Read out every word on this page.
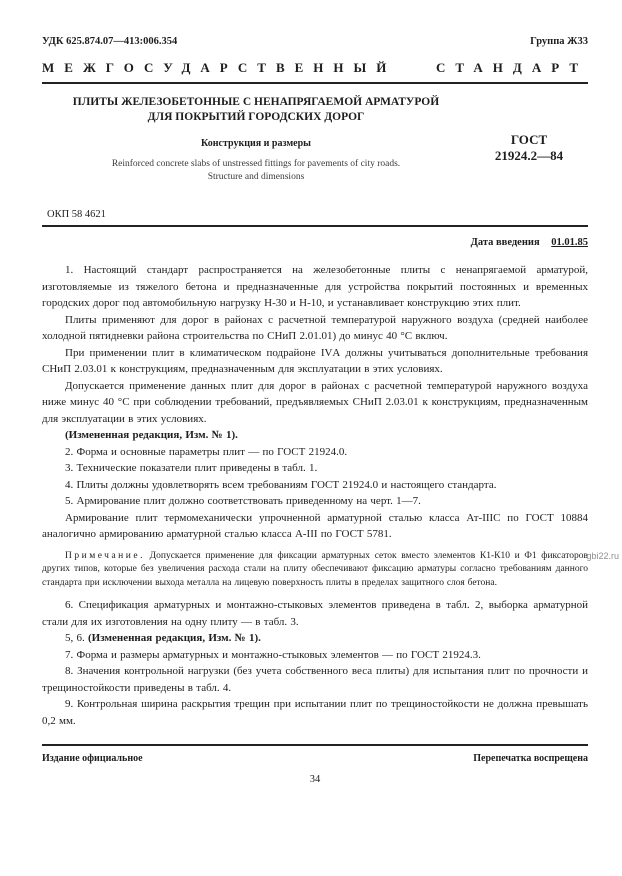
УДК 625.874.07—413:006.354	Группа Ж33
МЕЖГОСУДАРСТВЕННЫЙ СТАНДАРТ
ПЛИТЫ ЖЕЛЕЗОБЕТОННЫЕ С НЕНАПРЯГАЕМОЙ АРМАТУРОЙ
ДЛЯ ПОКРЫТИЙ ГОРОДСКИХ ДОРОГ
Конструкция и размеры
Reinforced concrete slabs of unstressed fittings for pavements of city roads.
Structure and dimensions
ГОСТ
21924.2—84
ОКП 58 4621
Дата введения 01.01.85

1. Настоящий стандарт распространяется на железобетонные плиты с ненапрягаемой арматурой, изготовляемые из тяжелого бетона и предназначенные для устройства покрытий постоянных и временных городских дорог под автомобильную нагрузку Н-30 и Н-10, и устанавливает конструкцию этих плит.

Плиты применяют для дорог в районах с расчетной температурой наружного воздуха (средней наиболее холодной пятидневки района строительства по СНиП 2.01.01) до минус 40 °С включ.

При применении плит в климатическом подрайоне IVА должны учитываться дополнительные требования СНиП 2.03.01 к конструкциям, предназначенным для эксплуатации в этих условиях.

Допускается применение данных плит для дорог в районах с расчетной температурой наружного воздуха ниже минус 40 °С при соблюдении требований, предъявляемых СНиП 2.03.01 к конструкциям, предназначенным для эксплуатации в этих условиях.

(Измененная редакция, Изм. № 1).

2. Форма и основные параметры плит — по ГОСТ 21924.0.

3. Технические показатели плит приведены в табл. 1.

4. Плиты должны удовлетворять всем требованиям ГОСТ 21924.0 и настоящего стандарта.

5. Армирование плит должно соответствовать приведенному на черт. 1—7.

Армирование плит термомеханически упрочненной арматурной сталью класса Ат-IIIС по ГОСТ 10884 аналогично армированию арматурной сталью класса А-III по ГОСТ 5781.

Примечание. Допускается применение для фиксации арматурных сеток вместо элементов К1-К10 и Ф1 фиксаторов других типов, которые без увеличения расхода стали на плиту обеспечивают фиксацию арматуры согласно требованиям данного стандарта при исключении выхода металла на лицевую поверхность плиты в пределах защитного слоя бетона.

6. Спецификация арматурных и монтажно-стыковых элементов приведена в табл. 2, выборка арматурной стали для их изготовления на одну плиту — в табл. 3.

5, 6. (Измененная редакция, Изм. № 1).

7. Форма и размеры арматурных и монтажно-стыковых элементов — по ГОСТ 21924.3.

8. Значения контрольной нагрузки (без учета собственного веса плиты) для испытания плит по прочности и трещиностойкости приведены в табл. 4.

9. Контрольная ширина раскрытия трещин при испытании плит по трещиностойкости не должна превышать 0,2 мм.

Издание официальное	Перепечатка воспрещена
34
gbi22.ru
